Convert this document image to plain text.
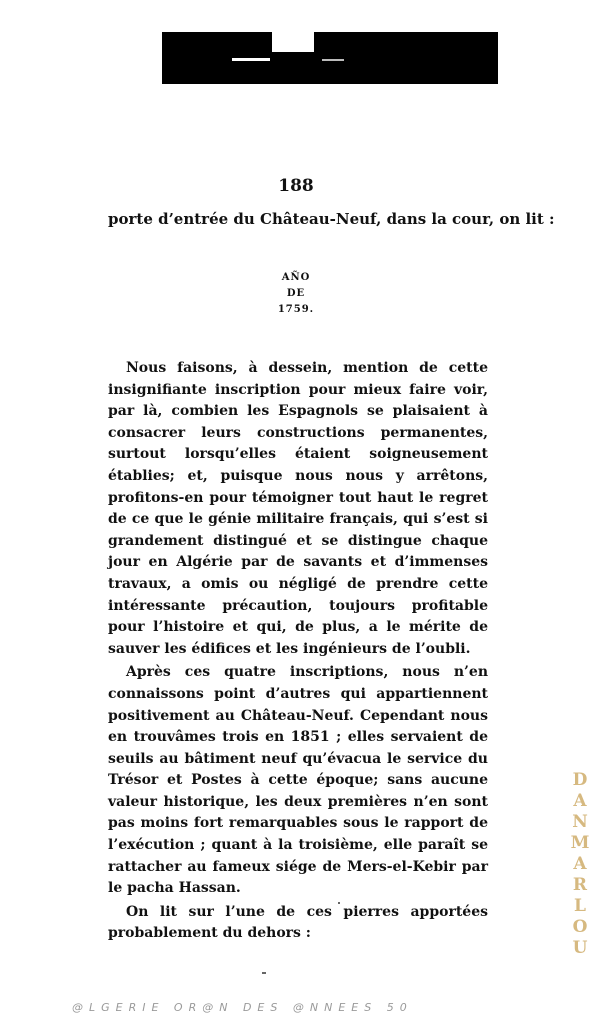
188
porte d’entrée du Château-Neuf, dans la cour, on lit :
AÑO
DE
1759.

Nous faisons, à dessein, mention de cette insignifiante inscription pour mieux faire voir, par là, combien les Espagnols se plaisaient à consacrer leurs constructions permanentes, surtout lorsqu’elles étaient soigneusement établies; et, puisque nous nous y arrêtons, profitons-en pour témoigner tout haut le regret de ce que le génie militaire français, qui s’est si grandement distingué et se distingue chaque jour en Algérie par de savants et d’immenses travaux, a omis ou négligé de prendre cette intéressante précaution, toujours profitable pour l’histoire et qui, de plus, a le mérite de sauver les édifices et les ingénieurs de l’oubli.

Après ces quatre inscriptions, nous n’en connaissons point d’autres qui appartiennent positivement au Château-Neuf. Cependant nous en trouvâmes trois en 1851 ; elles servaient de seuils au bâtiment neuf qu’évacua le service du Trésor et Postes à cette époque; sans aucune valeur historique, les deux premières n’en sont pas moins fort remarquables sous le rapport de l’exécution ; quant à la troisième, elle paraît se rattacher au fameux siége de Mers-el-Kebir par le pacha Hassan.

On lit sur l’une de ces pierres apportées probablement du dehors :

DANMARLOU
@LGERIE OR@N DES @NNEES 50
